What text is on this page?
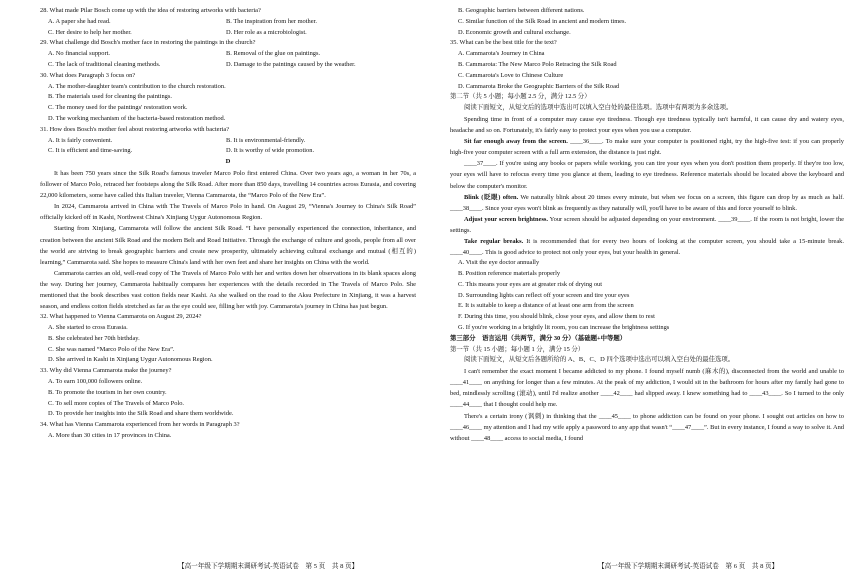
28. What made Pilar Bosch come up with the idea of restoring artworks with bacteria?

A. A paper she had read.	B. The inspiration from her mother.
C. Her desire to help her mother.	D. Her role as a microbiologist.

29. What challenge did Bosch's mother face in restoring the paintings in the church?

A. No financial support.	B. Removal of the glue on paintings.
C. The lack of traditional cleaning methods.	D. Damage to the paintings caused by the weather.

30. What does Paragraph 3 focus on?

A. The mother-daughter team's contribution to the church restoration.

B. The materials used for cleaning the paintings.

C. The money used for the paintings' restoration work.

D. The working mechanism of the bacteria-based restoration method.

31. How does Bosch's mother feel about restoring artworks with bacteria?

A. It is fairly convenient.	B. It is environmental-friendly.
C. It is efficient and time-saving.	D. It is worthy of wide promotion.

D

It has been 750 years since the Silk Road's famous traveler Marco Polo first entered China. Over two years ago, a woman in her 70s, a follower of Marco Polo, retraced her footsteps along the Silk Road. After more than 850 days, travelling 14 countries across Eurasia, and covering 22,000 kilometers, some have called this Italian traveler, Vienna Cammarota, the “Marco Polo of the New Era”.

In 2024, Cammarota arrived in China with The Travels of Marco Polo in hand. On August 29, “Vienna's Journey to China's Silk Road” officially kicked off in Kashi, Northwest China's Xinjiang Uygur Autonomous Region.

Starting from Xinjiang, Cammarota will follow the ancient Silk Road. “I have personally experienced the connection, inheritance, and creation between the ancient Silk Road and the modern Belt and Road Initiative. Through the exchange of culture and goods, people from all over the world are striving to break geographic barriers and create new prosperity, ultimately achieving cultural exchange and mutual (相互的) learning,” Cammarota said. She hopes to measure China's land with her own feet and share her insights on China with the world.

Cammarota carries an old, well-read copy of The Travels of Marco Polo with her and writes down her observations in its blank spaces along the way. During her journey, Cammarota habitually compares her experiences with the details recorded in The Travels of Marco Polo. She mentioned that the book describes vast cotton fields near Kashi. As she walked on the road to the Aksu Prefecture in Xinjiang, it was a harvest season, and endless cotton fields stretched as far as the eye could see, filling her with joy. Cammarota's journey in China has just begun.

32. What happened to Vienna Cammarota on August 29, 2024?

A. She started to cross Eurasia.

B. She celebrated her 70th birthday.

C. She was named “Marco Polo of the New Era”.

D. She arrived in Kashi in Xinjiang Uygur Autonomous Region.

33. Why did Vienna Cammarota make the journey?

A. To earn 100,000 followers online.

B. To promote the tourism in her own country.

C. To sell more copies of The Travels of Marco Polo.

D. To provide her insights into the Silk Road and share them worldwide.

34. What has Vienna Cammarota experienced from her words in Paragraph 3?

A. More than 30 cities in 17 provinces in China.

【高一年级下学期期末调研考试-英语试卷　第 5 页　共 8 页】

B. Geographic barriers between different nations.

C. Similar function of the Silk Road in ancient and modern times.

D. Economic growth and cultural exchange.

35. What can be the best title for the text?

A. Cammarota's Journey in China

B. Cammarota: The New Marco Polo Retracing the Silk Road

C. Cammarota's Love to Chinese Culture

D. Cammarota Broke the Geographic Barriers of the Silk Road

第二节（共 5 小题；每小题 2.5 分，满分 12.5 分）

阅读下面短文，从短文后的选项中选出可以填入空白处的最佳选项。选项中有两项为多余选项。

Spending time in front of a computer may cause eye tiredness. Though eye tiredness typically isn't harmful, it can cause dry and watery eyes, headache and so on. Fortunately, it's fairly easy to protect your eyes when you use a computer.

Sit far enough away from the screen. ____36____. To make sure your computer is positioned right, try the high-five test: if you can properly high-five your computer screen with a full arm extension, the distance is just right.

____37____. If you're using any books or papers while working, you can tire your eyes when you don't position them properly. If they're too low, your eyes will have to refocus every time you glance at them, leading to eye tiredness. Reference materials should be located above the keyboard and below the computer's monitor.

Blink (眨眼) often. We naturally blink about 20 times every minute, but when we focus on a screen, this figure can drop by as much as half. ____38____. Since your eyes won't blink as frequently as they naturally will, you'll have to be aware of this and force yourself to blink.

Adjust your screen brightness. Your screen should be adjusted depending on your environment. ____39____. If the room is not bright, lower the settings.

Take regular breaks. It is recommended that for every two hours of looking at the computer screen, you should take a 15-minute break. ____40____. This is good advice to protect not only your eyes, but your health in general.

A. Visit the eye doctor annually

B. Position reference materials properly

C. This means your eyes are at greater risk of drying out

D. Surrounding lights can reflect off your screen and tire your eyes

E. It is suitable to keep a distance of at least one arm from the screen

F. During this time, you should blink, close your eyes, and allow them to rest

G. If you're working in a brightly lit room, you can increase the brightness settings

第三部分　语言运用（共两节，满分 30 分）（基础题+中等题）

第一节（共 15 小题；每小题 1 分，满分 15 分）

阅读下面短文，从短文后各题所给的 A、B、C、D 四个选项中选出可以填入空白处的最佳选项。

I can't remember the exact moment I became addicted to my phone. I found myself numb (麻木的), disconnected from the world and unable to ____41____ on anything for longer than a few minutes. At the peak of my addiction, I would sit in the bathroom for hours after my family had gone to bed, mindlessly scrolling (滚动), until I'd realize another ____42____ had slipped away. I knew something had to ____43____. So I turned to the only ____44____ that I thought could help me.

There's a certain irony (讽刺) in thinking that the ____45____ to phone addiction can be found on your phone. I sought out articles on how to ____46____ my attention and I had my wife apply a password to any app that wasn't “____47____”. But in every instance, I found a way to solve it. And without ____48____ access to social media, I found

【高一年级下学期期末调研考试-英语试卷　第 6 页　共 8 页】
